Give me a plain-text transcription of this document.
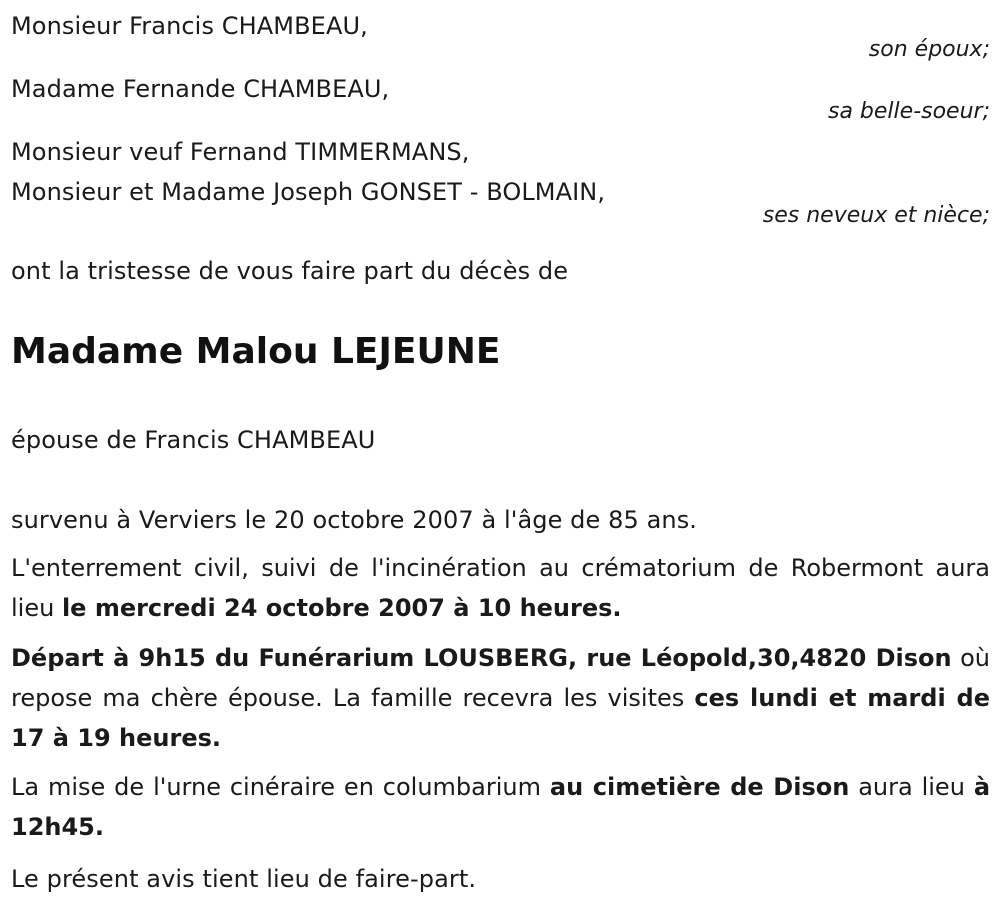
Monsieur Francis CHAMBEAU,
son époux;
Madame Fernande CHAMBEAU,
sa belle-soeur;
Monsieur veuf Fernand TIMMERMANS,
Monsieur et Madame Joseph GONSET - BOLMAIN,
ses neveux et nièce;
ont la tristesse de vous faire part du décès de
Madame Malou LEJEUNE
épouse de Francis CHAMBEAU
survenu à Verviers le 20 octobre 2007 à l'âge de 85 ans.
L'enterrement civil, suivi de l'incinération au crématorium de Robermont aura lieu le mercredi 24 octobre 2007 à 10 heures.
Départ à 9h15 du Funérarium LOUSBERG, rue Léopold,30,4820 Dison où repose ma chère épouse. La famille recevra les visites ces lundi et mardi de 17 à 19 heures.
La mise de l'urne cinéraire en columbarium au cimetière de Dison aura lieu à 12h45.
Le présent avis tient lieu de faire-part.
